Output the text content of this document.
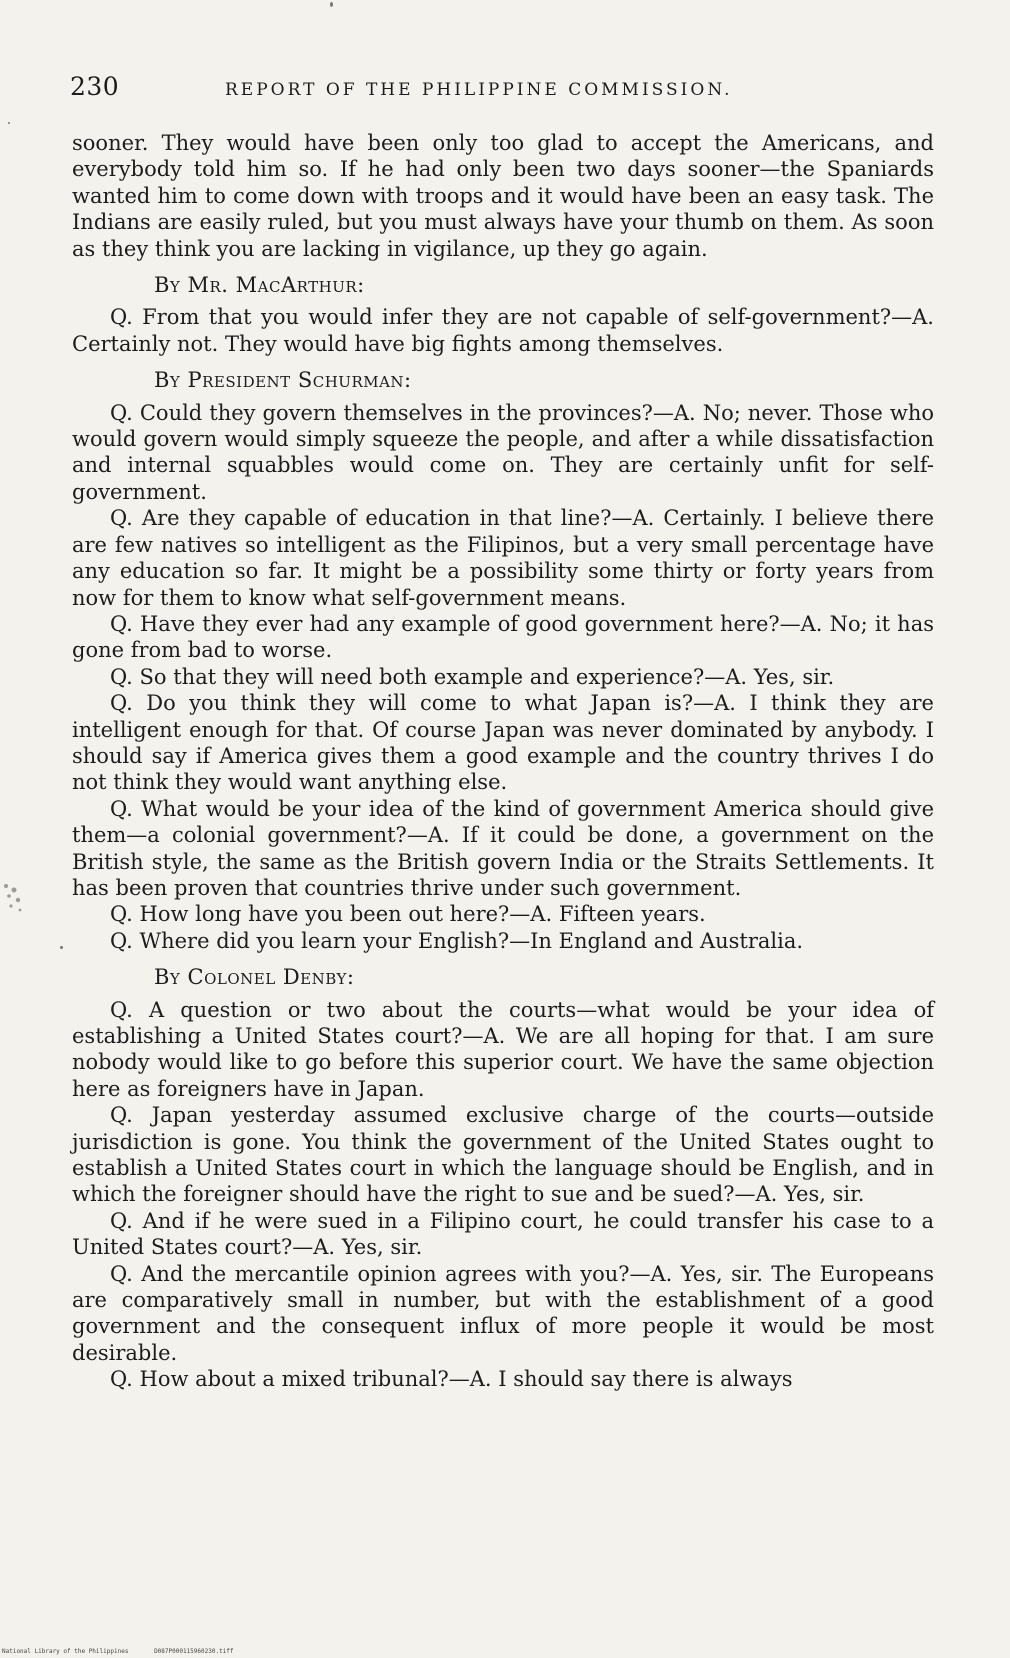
230	REPORT OF THE PHILIPPINE COMMISSION.

sooner. They would have been only too glad to accept the Americans, and everybody told him so. If he had only been two days sooner—the Spaniards wanted him to come down with troops and it would have been an easy task. The Indians are easily ruled, but you must always have your thumb on them. As soon as they think you are lacking in vigilance, up they go again.

By Mr. MacArthur:

Q. From that you would infer they are not capable of self-government?—A. Certainly not. They would have big fights among themselves.

By President Schurman:

Q. Could they govern themselves in the provinces?—A. No; never. Those who would govern would simply squeeze the people, and after a while dissatisfaction and internal squabbles would come on. They are certainly unfit for self-government.

Q. Are they capable of education in that line?—A. Certainly. I believe there are few natives so intelligent as the Filipinos, but a very small percentage have any education so far. It might be a possibility some thirty or forty years from now for them to know what self-government means.

Q. Have they ever had any example of good government here?—A. No; it has gone from bad to worse.

Q. So that they will need both example and experience?—A. Yes, sir.

Q. Do you think they will come to what Japan is?—A. I think they are intelligent enough for that. Of course Japan was never dominated by anybody. I should say if America gives them a good example and the country thrives I do not think they would want anything else.

Q. What would be your idea of the kind of government America should give them—a colonial government?—A. If it could be done, a government on the British style, the same as the British govern India or the Straits Settlements. It has been proven that countries thrive under such government.

Q. How long have you been out here?—A. Fifteen years.

Q. Where did you learn your English?—In England and Australia.

By Colonel Denby:

Q. A question or two about the courts—what would be your idea of establishing a United States court?—A. We are all hoping for that. I am sure nobody would like to go before this superior court. We have the same objection here as foreigners have in Japan.

Q. Japan yesterday assumed exclusive charge of the courts—outside jurisdiction is gone. You think the government of the United States ought to establish a United States court in which the language should be English, and in which the foreigner should have the right to sue and be sued?—A. Yes, sir.

Q. And if he were sued in a Filipino court, he could transfer his case to a United States court?—A. Yes, sir.

Q. And the mercantile opinion agrees with you?—A. Yes, sir. The Europeans are comparatively small in number, but with the establishment of a good government and the consequent influx of more people it would be most desirable.

Q. How about a mixed tribunal?—A. I should say there is always

National Library of the Philippines	D087P000115960230.tiff
